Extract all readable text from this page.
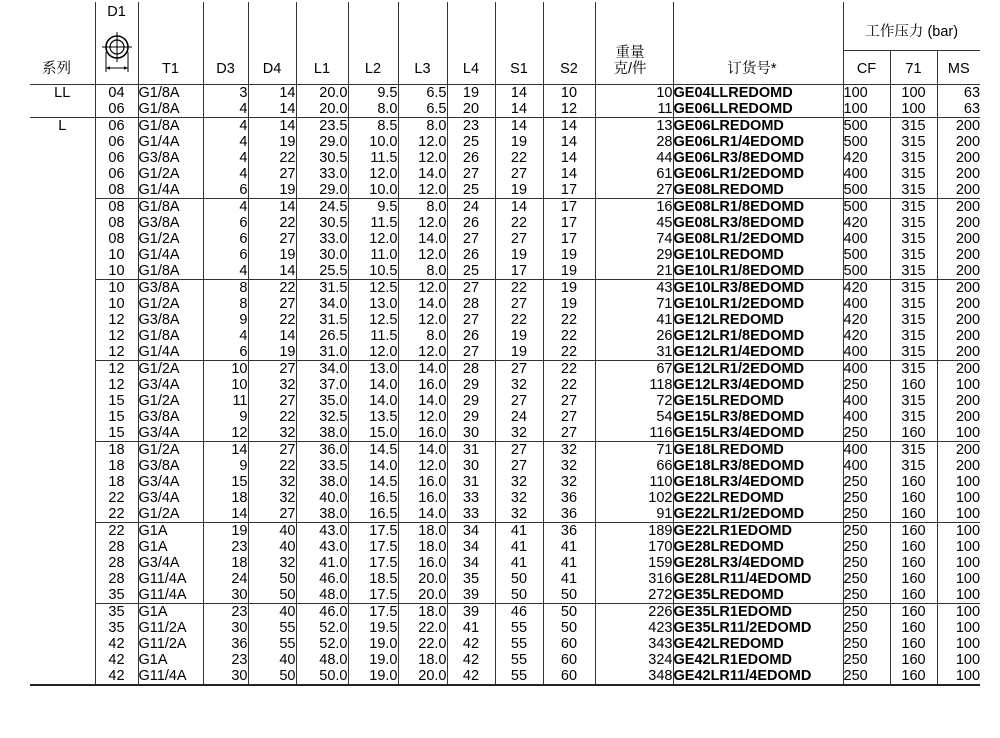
系列	D1	T1	D3	D4	L1	L2	L3	L4	S1	S2	重量
克/件	订货号*	工作压力 (bar)		
													CF	71	MS
LL	04	G1/8A	3	14	20.0	9.5	6.5	19	14	10	10	GE04LLREDOMD	100	100	63
	06	G1/8A	4	14	20.0	8.0	6.5	20	14	12	11	GE06LLREDOMD	100	100	63
L	06	G1/8A	4	14	23.5	8.5	8.0	23	14	14	13	GE06LREDOMD	500	315	200
	06	G1/4A	4	19	29.0	10.0	12.0	25	19	14	28	GE06LR1/4EDOMD	500	315	200
	06	G3/8A	4	22	30.5	11.5	12.0	26	22	14	44	GE06LR3/8EDOMD	420	315	200
	06	G1/2A	4	27	33.0	12.0	14.0	27	27	14	61	GE06LR1/2EDOMD	400	315	200
	08	G1/4A	6	19	29.0	10.0	12.0	25	19	17	27	GE08LREDOMD	500	315	200
	08	G1/8A	4	14	24.5	9.5	8.0	24	14	17	16	GE08LR1/8EDOMD	500	315	200
	08	G3/8A	6	22	30.5	11.5	12.0	26	22	17	45	GE08LR3/8EDOMD	420	315	200
	08	G1/2A	6	27	33.0	12.0	14.0	27	27	17	74	GE08LR1/2EDOMD	400	315	200
	10	G1/4A	6	19	30.0	11.0	12.0	26	19	19	29	GE10LREDOMD	500	315	200
	10	G1/8A	4	14	25.5	10.5	8.0	25	17	19	21	GE10LR1/8EDOMD	500	315	200
	10	G3/8A	8	22	31.5	12.5	12.0	27	22	19	43	GE10LR3/8EDOMD	420	315	200
	10	G1/2A	8	27	34.0	13.0	14.0	28	27	19	71	GE10LR1/2EDOMD	400	315	200
	12	G3/8A	9	22	31.5	12.5	12.0	27	22	22	41	GE12LREDOMD	420	315	200
	12	G1/8A	4	14	26.5	11.5	8.0	26	19	22	26	GE12LR1/8EDOMD	420	315	200
	12	G1/4A	6	19	31.0	12.0	12.0	27	19	22	31	GE12LR1/4EDOMD	400	315	200
	12	G1/2A	10	27	34.0	13.0	14.0	28	27	22	67	GE12LR1/2EDOMD	400	315	200
	12	G3/4A	10	32	37.0	14.0	16.0	29	32	22	118	GE12LR3/4EDOMD	250	160	100
	15	G1/2A	11	27	35.0	14.0	14.0	29	27	27	72	GE15LREDOMD	400	315	200
	15	G3/8A	9	22	32.5	13.5	12.0	29	24	27	54	GE15LR3/8EDOMD	400	315	200
	15	G3/4A	12	32	38.0	15.0	16.0	30	32	27	116	GE15LR3/4EDOMD	250	160	100
	18	G1/2A	14	27	36.0	14.5	14.0	31	27	32	71	GE18LREDOMD	400	315	200
	18	G3/8A	9	22	33.5	14.0	12.0	30	27	32	66	GE18LR3/8EDOMD	400	315	200
	18	G3/4A	15	32	38.0	14.5	16.0	31	32	32	110	GE18LR3/4EDOMD	250	160	100
	22	G3/4A	18	32	40.0	16.5	16.0	33	32	36	102	GE22LREDOMD	250	160	100
	22	G1/2A	14	27	38.0	16.5	14.0	33	32	36	91	GE22LR1/2EDOMD	250	160	100
	22	G1A	19	40	43.0	17.5	18.0	34	41	36	189	GE22LR1EDOMD	250	160	100
	28	G1A	23	40	43.0	17.5	18.0	34	41	41	170	GE28LREDOMD	250	160	100
	28	G3/4A	18	32	41.0	17.5	16.0	34	41	41	159	GE28LR3/4EDOMD	250	160	100
	28	G11/4A	24	50	46.0	18.5	20.0	35	50	41	316	GE28LR11/4EDOMD	250	160	100
	35	G11/4A	30	50	48.0	17.5	20.0	39	50	50	272	GE35LREDOMD	250	160	100
	35	G1A	23	40	46.0	17.5	18.0	39	46	50	226	GE35LR1EDOMD	250	160	100
	35	G11/2A	30	55	52.0	19.5	22.0	41	55	50	423	GE35LR11/2EDOMD	250	160	100
	42	G11/2A	36	55	52.0	19.0	22.0	42	55	60	343	GE42LREDOMD	250	160	100
	42	G1A	23	40	48.0	19.0	18.0	42	55	60	324	GE42LR1EDOMD	250	160	100
	42	G11/4A	30	50	50.0	19.0	20.0	42	55	60	348	GE42LR11/4EDOMD	250	160	100
